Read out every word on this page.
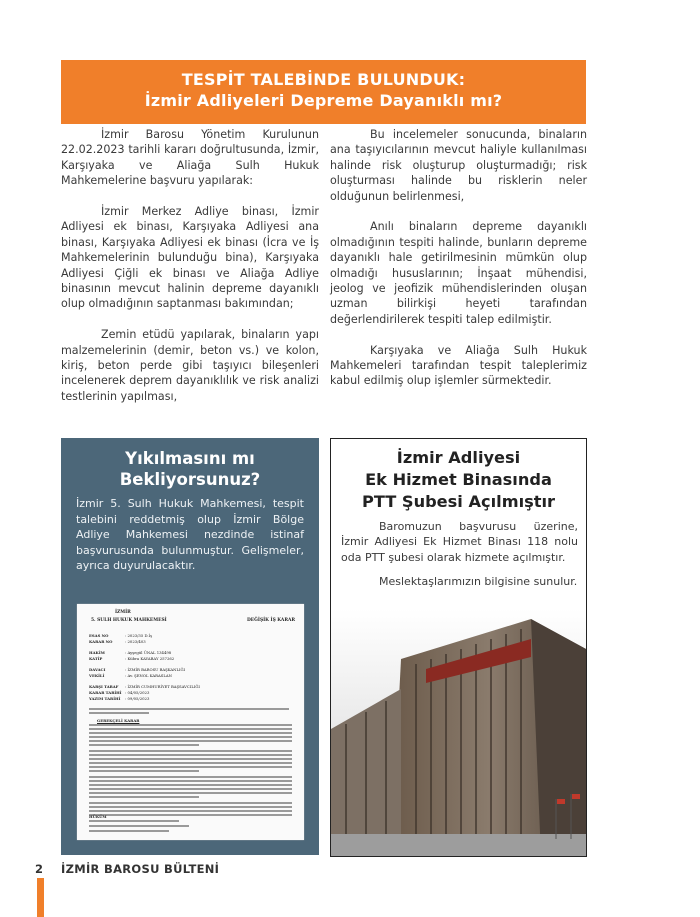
TESPİT TALEBİNDE BULUNDUK:
İzmir Adliyeleri Depreme Dayanıklı mı?

İzmir Barosu Yönetim Kurulunun 22.02.2023 tarihli kararı doğrultusunda, İzmir, Karşıyaka ve Aliağa Sulh Hukuk Mahkemelerine başvuru yapılarak:

İzmir Merkez Adliye binası, İzmir Adliyesi ek binası, Karşıyaka Adliyesi ana binası, Karşıyaka Adliyesi ek binası (İcra ve İş Mahkemelerinin bulunduğu bina), Karşıyaka Adliyesi Çiğli ek binası ve Aliağa Adliye binasının mevcut halinin depreme dayanıklı olup olmadığının saptanması bakımından;

Zemin etüdü yapılarak, binaların yapı malzemelerinin (demir, beton vs.) ve kolon, kiriş, beton perde gibi taşıyıcı bileşenleri incelenerek deprem dayanıklılık ve risk analizi testlerinin yapılması,

Bu incelemeler sonucunda, binaların ana taşıyıcılarının mevcut haliyle kullanılması halinde risk oluşturup oluşturmadığı; risk oluşturması halinde bu risklerin neler olduğunun belirlenmesi,

Anılı binaların depreme dayanıklı olmadığının tespiti halinde, bunların depreme dayanıklı hale getirilmesinin mümkün olup olmadığı hususlarının; İnşaat mühendisi, jeolog ve jeofizik mühendislerinden oluşan uzman bilirkişi heyeti tarafından değerlendirilerek tespiti talep edilmiştir.

Karşıyaka ve Aliağa Sulh Hukuk Mahkemeleri tarafından tespit taleplerimiz kabul edilmiş olup işlemler sürmektedir.

Yıkılmasını mı
Bekliyorsunuz?
İzmir 5. Sulh Hukuk Mahkemesi, tespit talebini reddetmiş olup İzmir Bölge Adliye Mahkemesi nezdinde istinaf başvurusunda bulunmuştur. Gelişmeler, ayrıca duyurulacaktır.
İZMİR
5. SULH HUKUK MAHKEMESİ	DEĞİŞİK İŞ KARAR
ESAS NO	: 2023/35 D.İş
KARAR NO	: 2023/403
HAKİM	: Ayşegül ÜNAL 134498
KATİP	: Kübra KAYABAY 257262
DAVACI	: İZMİR BAROSU BAŞKANLIĞI
VEKİLİ	: Av. ŞENOL KARASLAN
KARŞI TARAF : İZMİR CUMHURİYET BAŞSAVCILIĞI
KARAR TARİHİ : 04/05/2023
YAZIM TARİHİ : 09/05/2023
GEREKÇELİ KARAR
HÜKÜM
İzmir Adliyesi
Ek Hizmet Binasında
PTT Şubesi Açılmıştır

Baromuzun başvurusu üzerine, İzmir Adliyesi Ek Hizmet Binası 118 nolu oda PTT şubesi olarak hizmete açılmıştır.

Meslektaşlarımızın bilgisine sunulur.

2 İZMİR BAROSU BÜLTENİ
